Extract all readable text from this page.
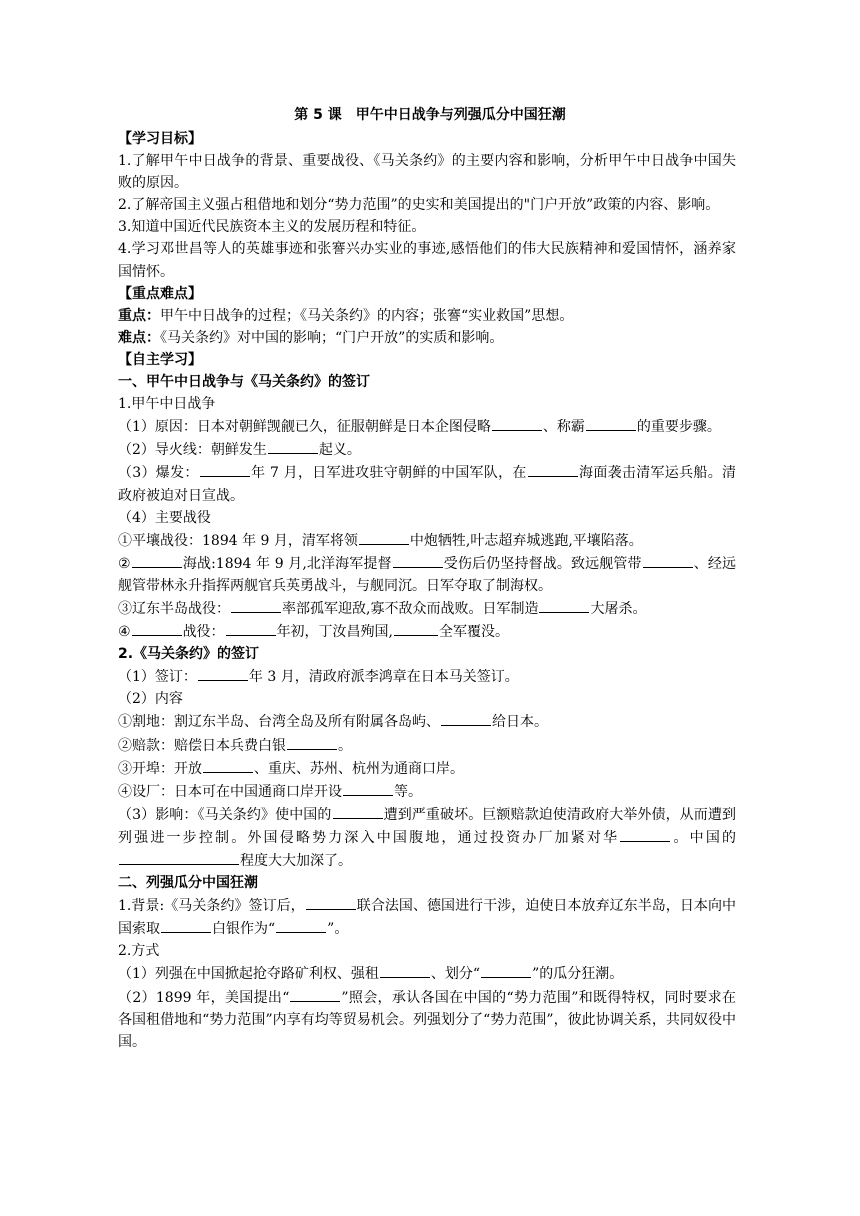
第 5 课　甲午中日战争与列强瓜分中国狂潮

【学习目标】

1.了解甲午中日战争的背景、重要战役、《马关条约》的主要内容和影响，分析甲午中日战争中国失败的原因。

2.了解帝国主义强占租借地和划分“势力范围”的史实和美国提出的"门户开放”政策的内容、影响。

3.知道中国近代民族资本主义的发展历程和特征。

4.学习邓世昌等人的英雄事迹和张謇兴办实业的事迹,感悟他们的伟大民族精神和爱国情怀，涵养家国情怀。

【重点难点】

重点：甲午中日战争的过程；《马关条约》的内容；张謇“实业救国”思想。

难点：《马关条约》对中国的影响；“门户开放”的实质和影响。

【自主学习】

一、甲午中日战争与《马关条约》的签订

1.甲午中日战争

（1）原因：日本对朝鲜觊觎已久，征服朝鲜是日本企图侵略	、称霸	的重要步骤。

（2）导火线：朝鲜发生	起义。

（3）爆发：	年 7 月，日军进攻驻守朝鲜的中国军队，在	海面袭击清军运兵船。清政府被迫对日宣战。

（4）主要战役

①平壤战役：1894 年 9 月，清军将领	中炮牺牲,叶志超弃城逃跑,平壤陷落。

②	海战:1894 年 9 月,北洋海军提督	受伤后仍坚持督战。致远舰管带	、经远舰管带林永升指挥两舰官兵英勇战斗，与舰同沉。日军夺取了制海权。

③辽东半岛战役：	率部孤军迎敌,寡不敌众而战败。日军制造	大屠杀。

④	战役：	年初，丁汝昌殉国,	全军覆没。

2.《马关条约》的签订

（1）签订：	年 3 月，清政府派李鸿章在日本马关签订。

（2）内容

①割地：割辽东半岛、台湾全岛及所有附属各岛屿、	给日本。

②赔款：赔偿日本兵费白银	。

③开埠：开放	、重庆、苏州、杭州为通商口岸。

④设厂：日本可在中国通商口岸开设	等。

（3）影响：《马关条约》使中国的	遭到严重破坏。巨额赔款迫使清政府大举外债，从而遭到列强进一步控制。外国侵略势力深入中国腹地，通过投资办厂加紧对华	。中国的程度大大加深了。

二、列强瓜分中国狂潮

1.背景:《马关条约》签订后，	联合法国、德国进行干涉，迫使日本放弃辽东半岛，日本向中国索取	白银作为“	”。

2.方式

（1）列强在中国掀起抢夺路矿利权、强租	、划分“	”的瓜分狂潮。

（2）1899 年，美国提出“	”照会，承认各国在中国的“势力范围”和既得特权，同时要求在各国租借地和“势力范围”内享有均等贸易机会。列强划分了“势力范围”，彼此协调关系，共同奴役中国。
